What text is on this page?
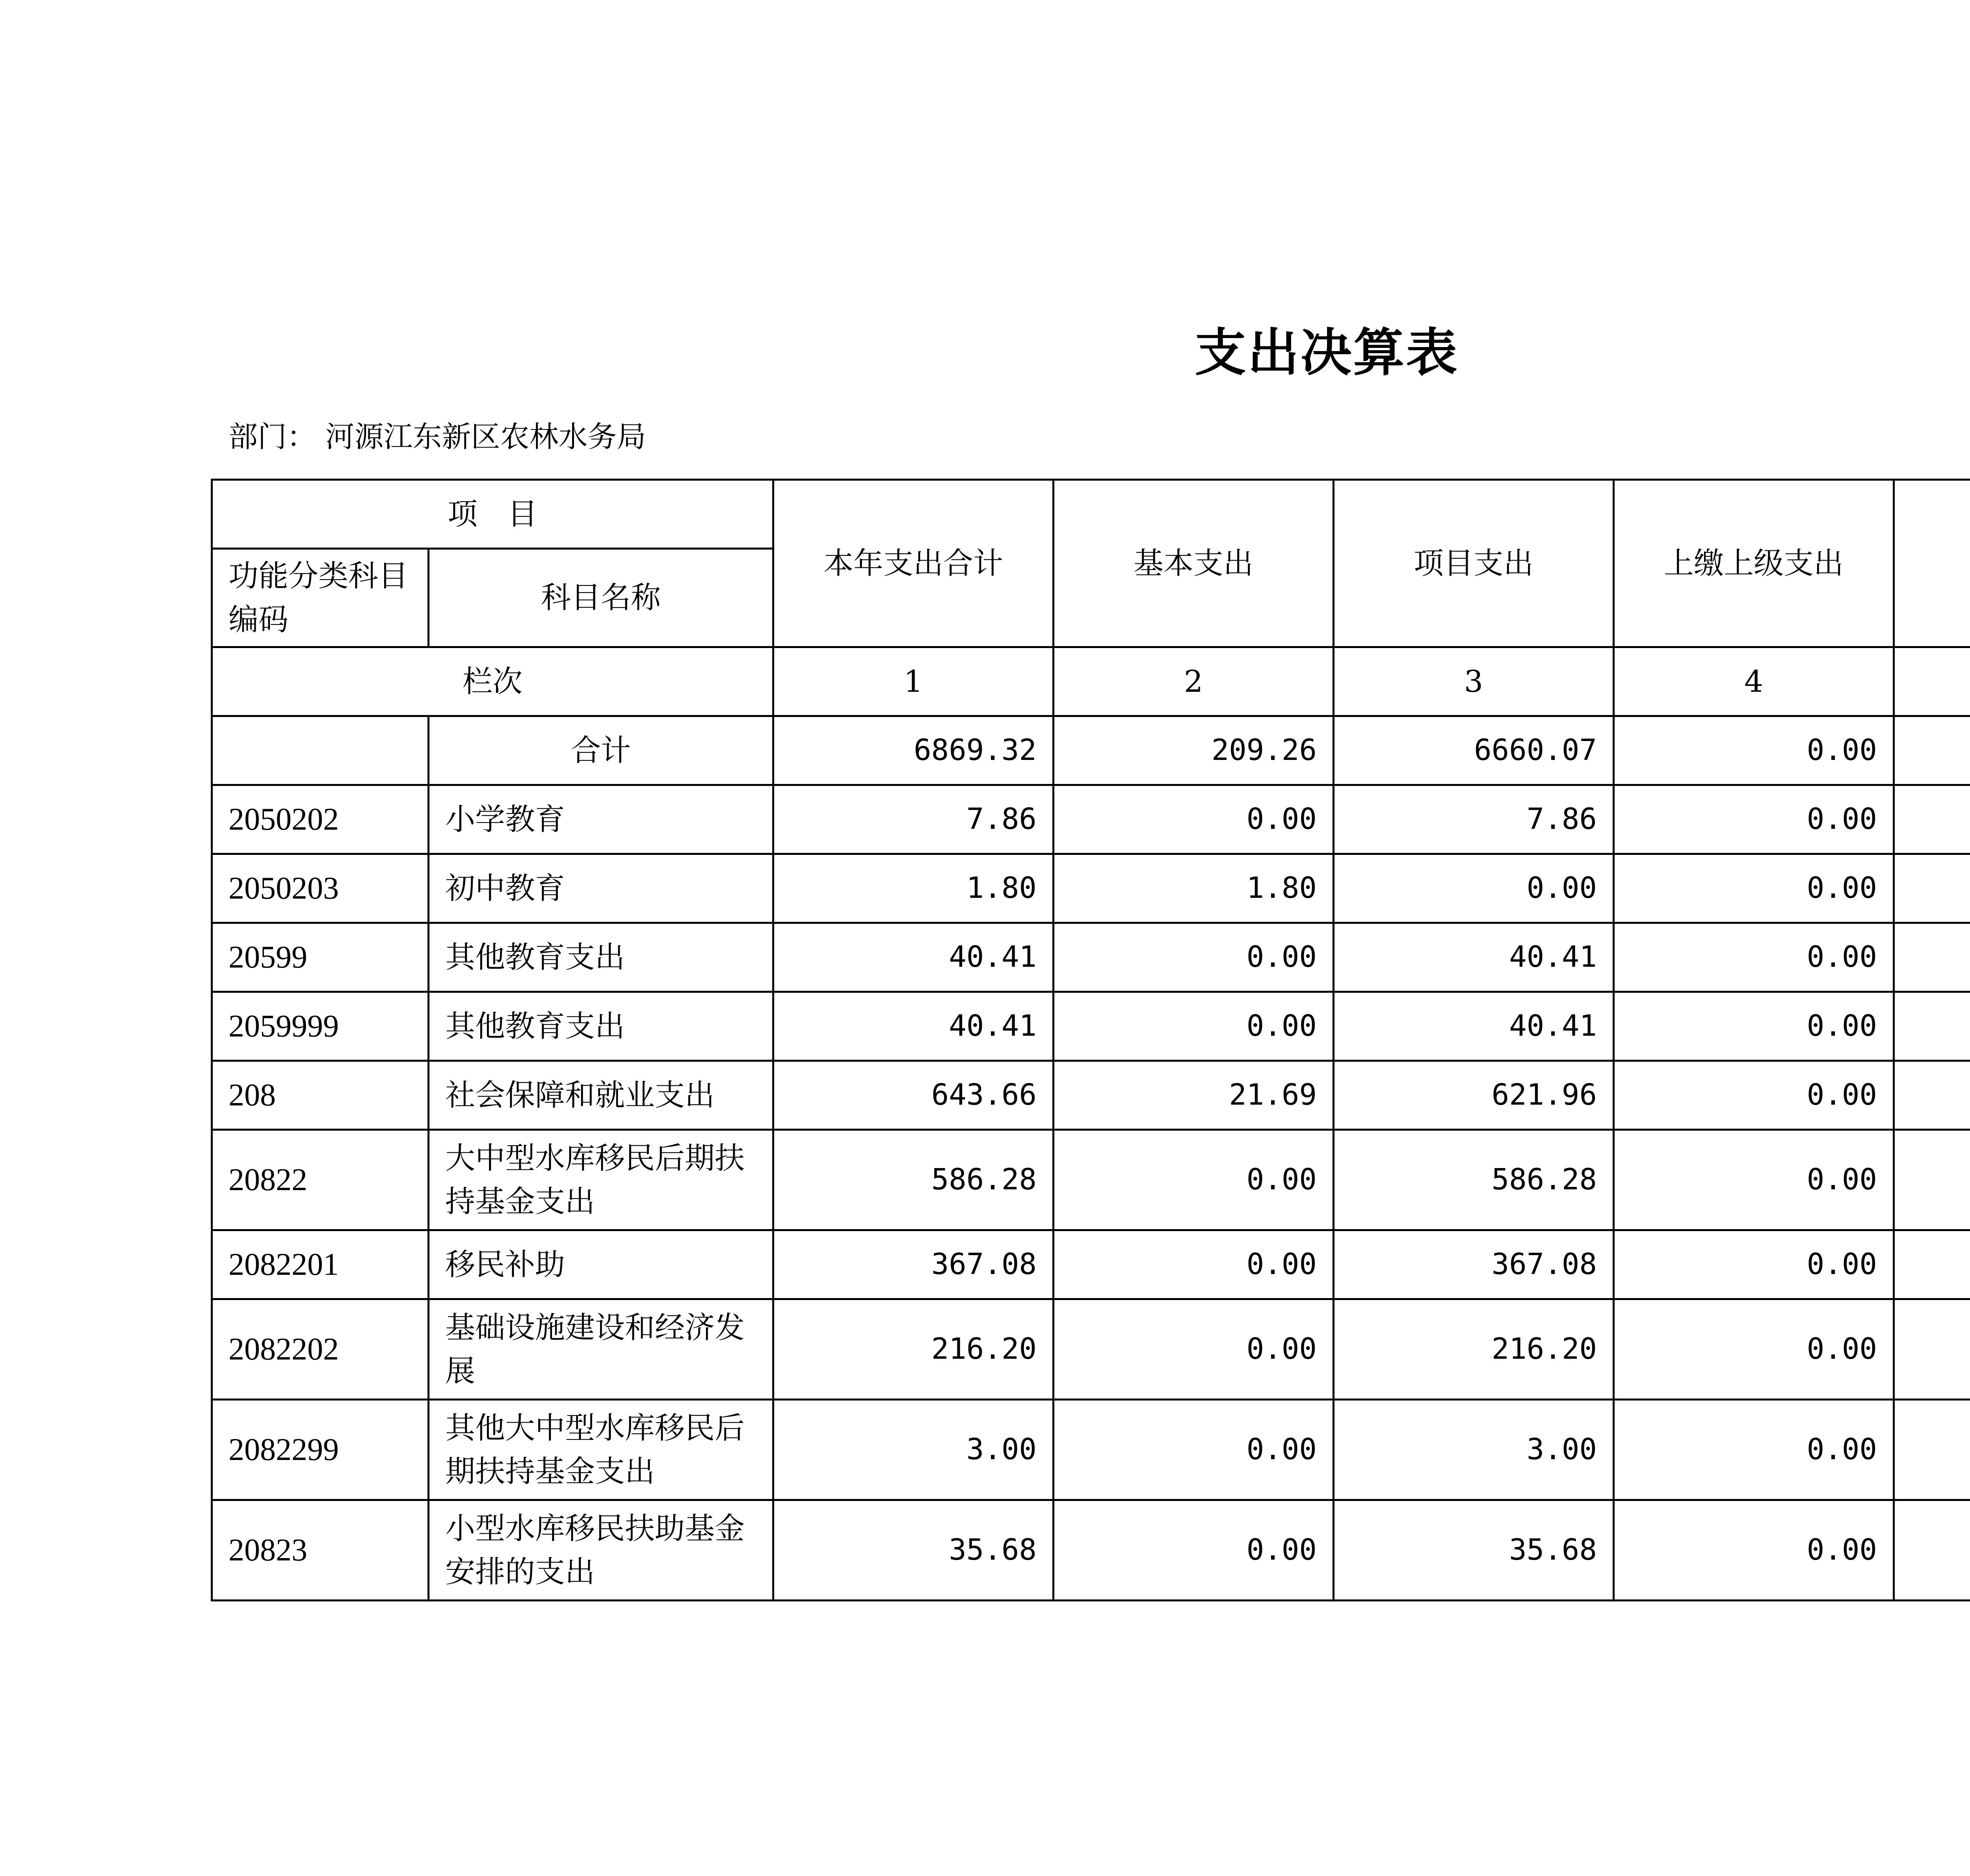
支出决算表
部门： 河源江东新区农林水务局
项　目		本年支出合计	基本支出	项目支出	上缴上级支出		
功能分类科目编码	科目名称						
栏次		1	2	3	4		
	合计	6869.32	209.26	6660.07	0.00		
2050202	小学教育	7.86	0.00	7.86	0.00		
2050203	初中教育	1.80	1.80	0.00	0.00		
20599	其他教育支出	40.41	0.00	40.41	0.00		
2059999	其他教育支出	40.41	0.00	40.41	0.00		
208	社会保障和就业支出	643.66	21.69	621.96	0.00		
20822	大中型水库移民后期扶持基金支出	586.28	0.00	586.28	0.00		
2082201	移民补助	367.08	0.00	367.08	0.00		
2082202	基础设施建设和经济发展	216.20	0.00	216.20	0.00		
2082299	其他大中型水库移民后期扶持基金支出	3.00	0.00	3.00	0.00		
20823	小型水库移民扶助基金安排的支出	35.68	0.00	35.68	0.00		
